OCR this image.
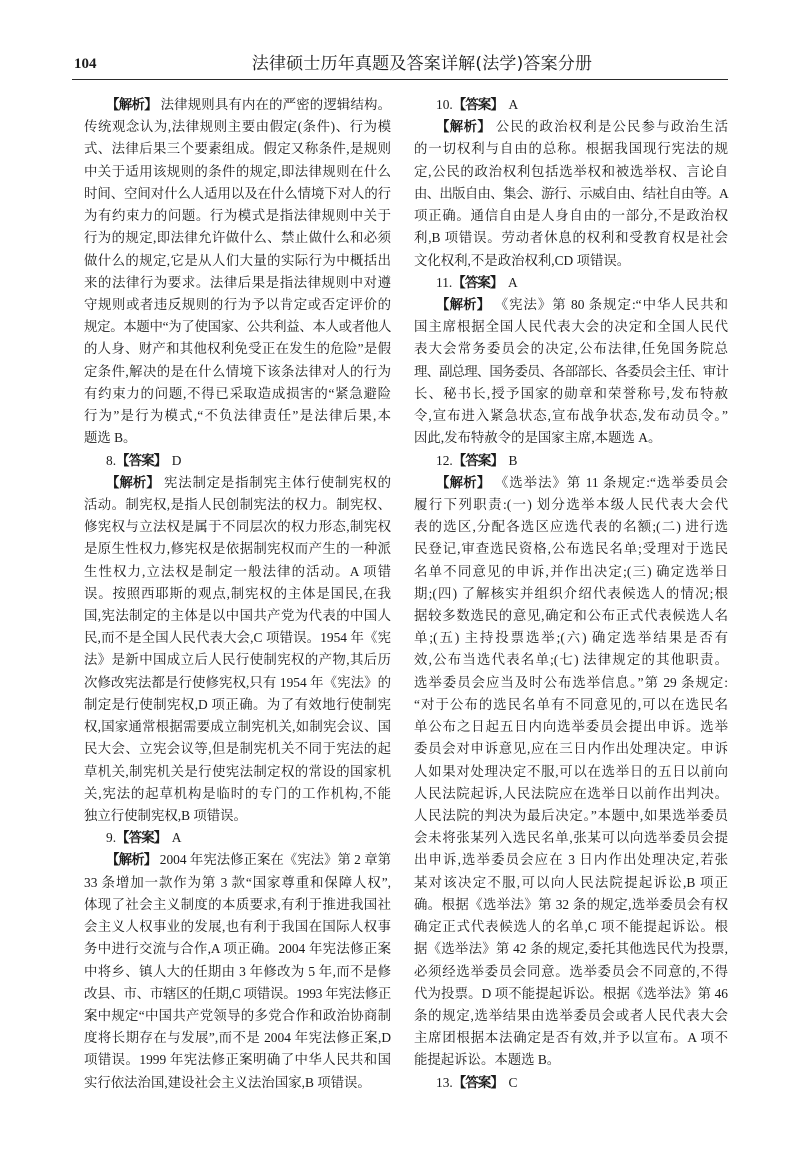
104	法律硕士历年真题及答案详解(法学)答案分册
【解析】 法律规则具有内在的严密的逻辑结构。
传统观念认为,法律规则主要由假定(条件)、行为模
式、法律后果三个要素组成。假定又称条件,是规则
中关于适用该规则的条件的规定,即法律规则在什么
时间、空间对什么人适用以及在什么情境下对人的行
为有约束力的问题。行为模式是指法律规则中关于
行为的规定,即法律允许做什么、禁止做什么和必须
做什么的规定,它是从人们大量的实际行为中概括出
来的法律行为要求。法律后果是指法律规则中对遵
守规则或者违反规则的行为予以肯定或否定评价的
规定。本题中“为了使国家、公共利益、本人或者他人
的人身、财产和其他权利免受正在发生的危险”是假
定条件,解决的是在什么情境下该条法律对人的行为
有约束力的问题,不得已采取造成损害的“紧急避险
行为”是行为模式,“不负法律责任”是法律后果,本
题选 B。
8.【答案】 D
【解析】 宪法制定是指制宪主体行使制宪权的
活动。制宪权,是指人民创制宪法的权力。制宪权、
修宪权与立法权是属于不同层次的权力形态,制宪权
是原生性权力,修宪权是依据制宪权而产生的一种派
生性权力,立法权是制定一般法律的活动。A 项错
误。按照西耶斯的观点,制宪权的主体是国民,在我
国,宪法制定的主体是以中国共产党为代表的中国人
民,而不是全国人民代表大会,C 项错误。1954 年《宪
法》是新中国成立后人民行使制宪权的产物,其后历
次修改宪法都是行使修宪权,只有 1954 年《宪法》的
制定是行使制宪权,D 项正确。为了有效地行使制宪
权,国家通常根据需要成立制宪机关,如制宪会议、国
民大会、立宪会议等,但是制宪机关不同于宪法的起
草机关,制宪机关是行使宪法制定权的常设的国家机
关,宪法的起草机构是临时的专门的工作机构,不能
独立行使制宪权,B 项错误。
9.【答案】 A
【解析】 2004 年宪法修正案在《宪法》第 2 章第
33 条增加一款作为第 3 款“国家尊重和保障人权”,
体现了社会主义制度的本质要求,有利于推进我国社
会主义人权事业的发展,也有利于我国在国际人权事
务中进行交流与合作,A 项正确。2004 年宪法修正案
中将乡、镇人大的任期由 3 年修改为 5 年,而不是修
改县、市、市辖区的任期,C 项错误。1993 年宪法修正
案中规定“中国共产党领导的多党合作和政治协商制
度将长期存在与发展”,而不是 2004 年宪法修正案,D
项错误。1999 年宪法修正案明确了中华人民共和国
实行依法治国,建设社会主义法治国家,B 项错误。
10.【答案】 A
【解析】 公民的政治权利是公民参与政治生活
的一切权利与自由的总称。根据我国现行宪法的规
定,公民的政治权利包括选举权和被选举权、言论自
由、出版自由、集会、游行、示威自由、结社自由等。A
项正确。通信自由是人身自由的一部分,不是政治权
利,B 项错误。劳动者休息的权利和受教育权是社会
文化权利,不是政治权利,CD 项错误。
11.【答案】 A
【解析】 《宪法》第 80 条规定:“中华人民共和
国主席根据全国人民代表大会的决定和全国人民代
表大会常务委员会的决定,公布法律,任免国务院总
理、副总理、国务委员、各部部长、各委员会主任、审计
长、秘书长,授予国家的勋章和荣誉称号,发布特赦
令,宣布进入紧急状态,宣布战争状态,发布动员令。”
因此,发布特赦令的是国家主席,本题选 A。
12.【答案】 B
【解析】 《选举法》第 11 条规定:“选举委员会
履行下列职责:(一) 划分选举本级人民代表大会代
表的选区,分配各选区应选代表的名额;(二) 进行选
民登记,审查选民资格,公布选民名单;受理对于选民
名单不同意见的申诉,并作出决定;(三) 确定选举日
期;(四) 了解核实并组织介绍代表候选人的情况;根
据较多数选民的意见,确定和公布正式代表候选人名
单;(五) 主持投票选举;(六) 确定选举结果是否有
效,公布当选代表名单;(七) 法律规定的其他职责。
选举委员会应当及时公布选举信息。”第 29 条规定:
“对于公布的选民名单有不同意见的,可以在选民名
单公布之日起五日内向选举委员会提出申诉。选举
委员会对申诉意见,应在三日内作出处理决定。申诉
人如果对处理决定不服,可以在选举日的五日以前向
人民法院起诉,人民法院应在选举日以前作出判决。
人民法院的判决为最后决定。”本题中,如果选举委员
会未将张某列入选民名单,张某可以向选举委员会提
出申诉,选举委员会应在 3 日内作出处理决定,若张
某对该决定不服,可以向人民法院提起诉讼,B 项正
确。根据《选举法》第 32 条的规定,选举委员会有权
确定正式代表候选人的名单,C 项不能提起诉讼。根
据《选举法》第 42 条的规定,委托其他选民代为投票,
必须经选举委员会同意。选举委员会不同意的,不得
代为投票。D 项不能提起诉讼。根据《选举法》第 46
条的规定,选举结果由选举委员会或者人民代表大会
主席团根据本法确定是否有效,并予以宣布。A 项不
能提起诉讼。本题选 B。
13.【答案】 C
